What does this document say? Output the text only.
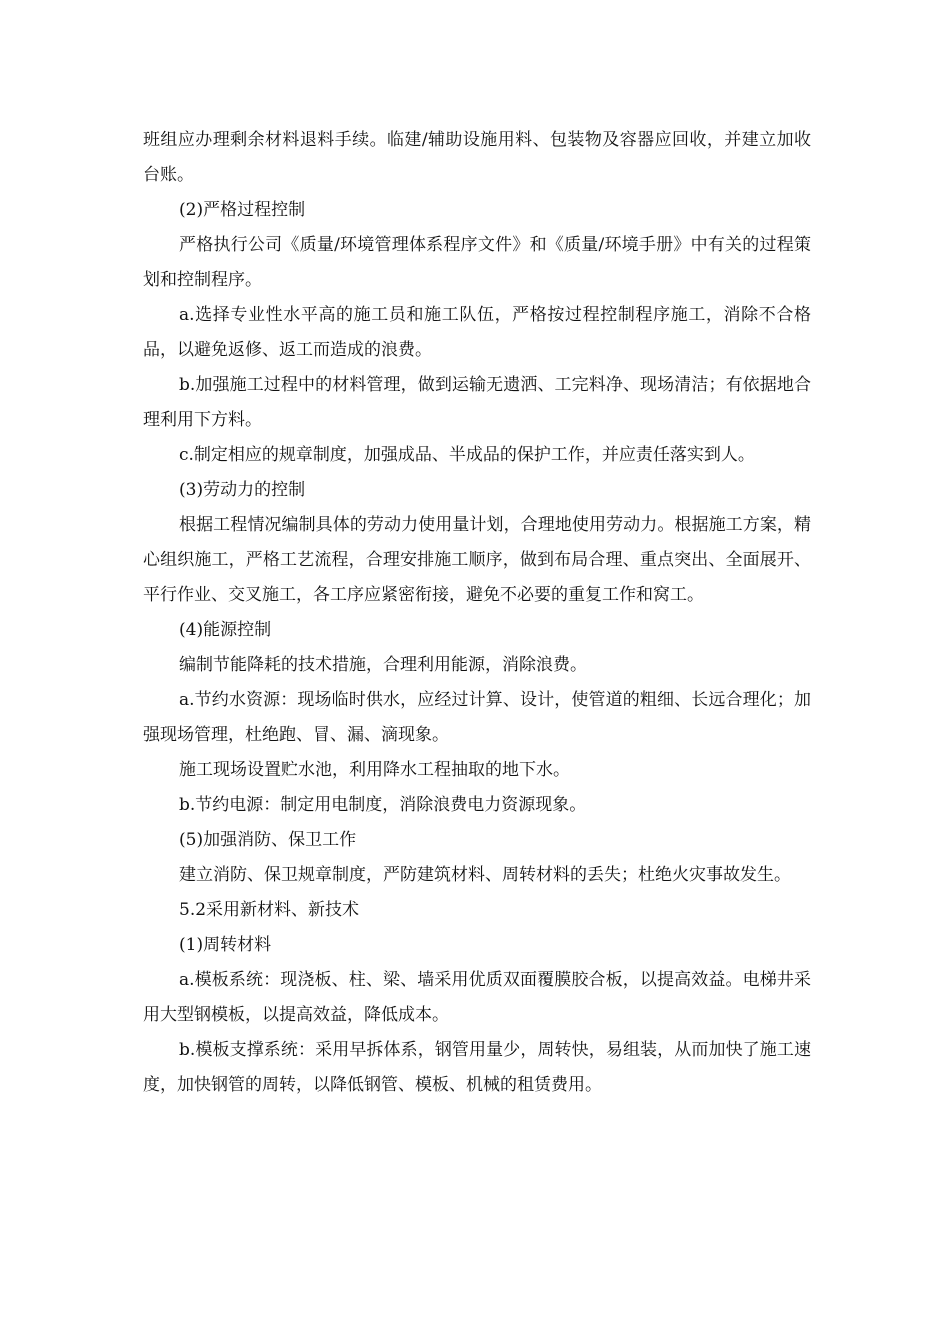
班组应办理剩余材料退料手续。临建/辅助设施用料、包装物及容器应回收，并建立加收台账。

(2)严格过程控制

严格执行公司《质量/环境管理体系程序文件》和《质量/环境手册》中有关的过程策划和控制程序。

a.选择专业性水平高的施工员和施工队伍，严格按过程控制程序施工，消除不合格品，以避免返修、返工而造成的浪费。

b.加强施工过程中的材料管理，做到运输无遗洒、工完料净、现场清洁；有依据地合理利用下方料。

c.制定相应的规章制度，加强成品、半成品的保护工作，并应责任落实到人。

(3)劳动力的控制

根据工程情况编制具体的劳动力使用量计划，合理地使用劳动力。根据施工方案，精心组织施工，严格工艺流程，合理安排施工顺序，做到布局合理、重点突出、全面展开、平行作业、交叉施工，各工序应紧密衔接，避免不必要的重复工作和窝工。

(4)能源控制

编制节能降耗的技术措施，合理利用能源，消除浪费。

a.节约水资源：现场临时供水，应经过计算、设计，使管道的粗细、长远合理化；加强现场管理，杜绝跑、冒、漏、滴现象。

施工现场设置贮水池，利用降水工程抽取的地下水。

b.节约电源：制定用电制度，消除浪费电力资源现象。

(5)加强消防、保卫工作

建立消防、保卫规章制度，严防建筑材料、周转材料的丢失；杜绝火灾事故发生。

5.2采用新材料、新技术

(1)周转材料

a.模板系统：现浇板、柱、梁、墙采用优质双面覆膜胶合板，以提高效益。电梯井采用大型钢模板，以提高效益，降低成本。

b.模板支撑系统：采用早拆体系，钢管用量少，周转快，易组装，从而加快了施工速度，加快钢管的周转，以降低钢管、模板、机械的租赁费用。
